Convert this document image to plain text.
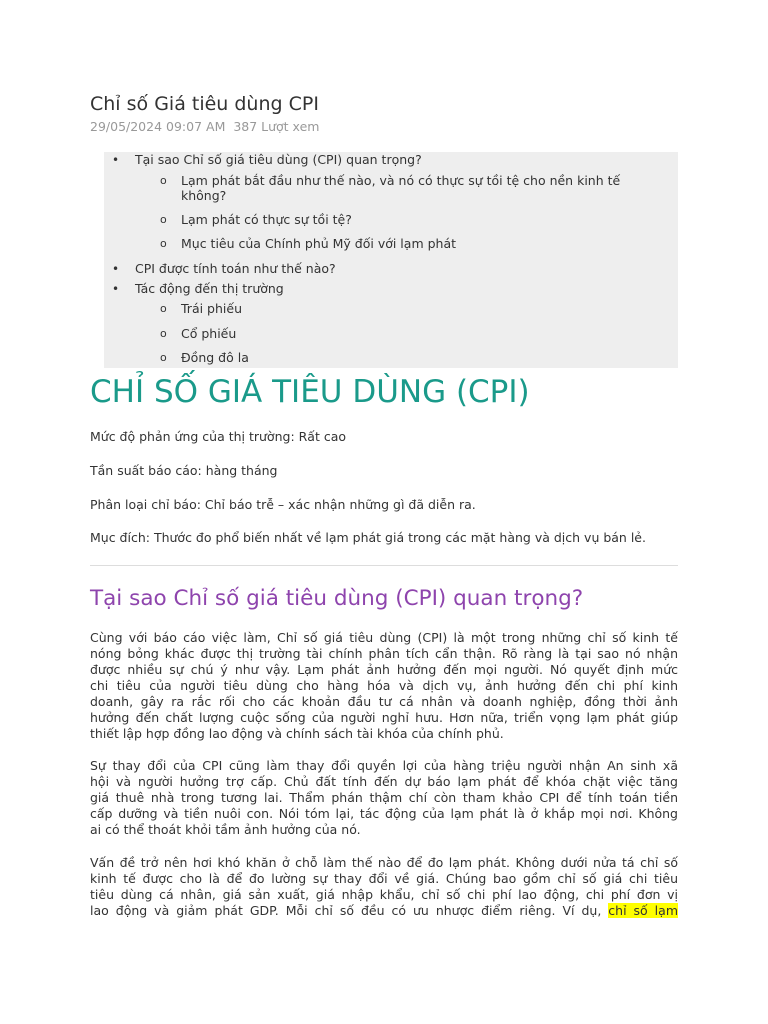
Chỉ số Giá tiêu dùng CPI
29/05/2024 09:07 AM 387 Lượt xem
• Tại sao Chỉ số giá tiêu dùng (CPI) quan trọng?
o Lạm phát bắt đầu như thế nào, và nó có thực sự tồi tệ cho nền kinh tế
không?
o Lạm phát có thực sự tồi tệ?
o Mục tiêu của Chính phủ Mỹ đối với lạm phát
• CPI được tính toán như thế nào?
• Tác động đến thị trường
o Trái phiếu
o Cổ phiếu
o Đồng đô la
CHỈ SỐ GIÁ TIÊU DÙNG (CPI)

Mức độ phản ứng của thị trường: Rất cao

Tần suất báo cáo: hàng tháng

Phân loại chỉ báo: Chỉ báo trễ – xác nhận những gì đã diễn ra.

Mục đích: Thước đo phổ biến nhất về lạm phát giá trong các mặt hàng và dịch vụ bán lẻ.

Tại sao Chỉ số giá tiêu dùng (CPI) quan trọng?
Cùng với báo cáo việc làm, Chỉ số giá tiêu dùng (CPI) là một trong những chỉ số kinh tế
nóng bỏng khác được thị trường tài chính phân tích cẩn thận. Rõ ràng là tại sao nó nhận
được nhiều sự chú ý như vậy. Lạm phát ảnh hưởng đến mọi người. Nó quyết định mức
chi tiêu của người tiêu dùng cho hàng hóa và dịch vụ, ảnh hưởng đến chi phí kinh
doanh, gây ra rắc rối cho các khoản đầu tư cá nhân và doanh nghiệp, đồng thời ảnh
hưởng đến chất lượng cuộc sống của người nghỉ hưu. Hơn nữa, triển vọng lạm phát giúp
thiết lập hợp đồng lao động và chính sách tài khóa của chính phủ.
Sự thay đổi của CPI cũng làm thay đổi quyền lợi của hàng triệu người nhận An sinh xã
hội và người hưởng trợ cấp. Chủ đất tính đến dự báo lạm phát để khóa chặt việc tăng
giá thuê nhà trong tương lai. Thẩm phán thậm chí còn tham khảo CPI để tính toán tiền
cấp dưỡng và tiền nuôi con. Nói tóm lại, tác động của lạm phát là ở khắp mọi nơi. Không
ai có thể thoát khỏi tầm ảnh hưởng của nó.
Vấn đề trở nên hơi khó khăn ở chỗ làm thế nào để đo lạm phát. Không dưới nửa tá chỉ số
kinh tế được cho là để đo lường sự thay đổi về giá. Chúng bao gồm chỉ số giá chi tiêu
tiêu dùng cá nhân, giá sản xuất, giá nhập khẩu, chỉ số chi phí lao động, chi phí đơn vị
lao động và giảm phát GDP. Mỗi chỉ số đều có ưu nhược điểm riêng. Ví dụ, chỉ số lạm
